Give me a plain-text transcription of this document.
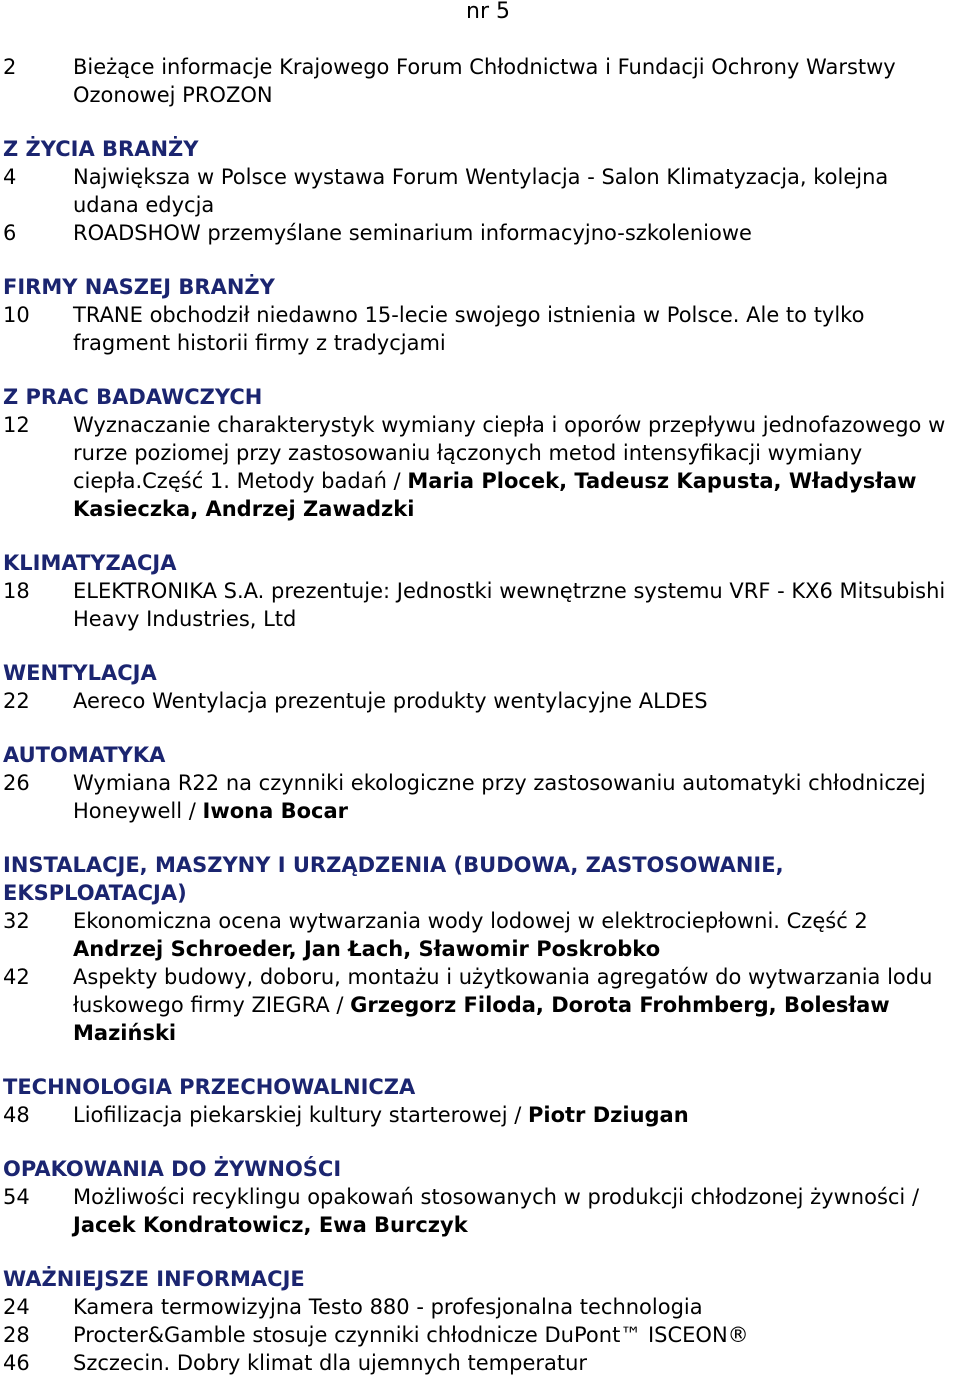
nr 5
2	Bieżące informacje Krajowego Forum Chłodnictwa i Fundacji Ochrony Warstwy Ozonowej PROZON
Z ŻYCIA BRANŻY
4	Największa w Polsce wystawa Forum Wentylacja - Salon Klimatyzacja, kolejna udana edycja
6	ROADSHOW przemyślane seminarium informacyjno-szkoleniowe
FIRMY NASZEJ BRANŻY
10	TRANE obchodził niedawno 15-lecie swojego istnienia w Polsce. Ale to tylko fragment historii firmy z tradycjami
Z PRAC BADAWCZYCH
12	Wyznaczanie charakterystyk wymiany ciepła i oporów przepływu jednofazowego w rurze poziomej przy zastosowaniu łączonych metod intensyfikacji wymiany ciepła.Część 1. Metody badań / Maria Plocek, Tadeusz Kapusta, Władysław Kasieczka, Andrzej Zawadzki
KLIMATYZACJA
18	ELEKTRONIKA S.A. prezentuje: Jednostki wewnętrzne systemu VRF - KX6 Mitsubishi Heavy Industries, Ltd
WENTYLACJA
22	Aereco Wentylacja prezentuje produkty wentylacyjne ALDES
AUTOMATYKA
26	Wymiana R22 na czynniki ekologiczne przy zastosowaniu automatyki chłodniczej Honeywell / Iwona Bocar
INSTALACJE, MASZYNY I URZĄDZENIA (BUDOWA, ZASTOSOWANIE, EKSPLOATACJA)
32	Ekonomiczna ocena wytwarzania wody lodowej w elektrociepłowni. Część 2 Andrzej Schroeder, Jan Łach, Sławomir Poskrobko
42	Aspekty budowy, doboru, montażu i użytkowania agregatów do wytwarzania lodu łuskowego firmy ZIEGRA / Grzegorz Filoda, Dorota Frohmberg, Bolesław Maziński
TECHNOLOGIA PRZECHOWALNICZA
48	Liofilizacja piekarskiej kultury starterowej / Piotr Dziugan
OPAKOWANIA DO ŻYWNOŚCI
54	Możliwości recyklingu opakowań stosowanych w produkcji chłodzonej żywności / Jacek Kondratowicz, Ewa Burczyk
WAŻNIEJSZE INFORMACJE
24	Kamera termowizyjna Testo 880 - profesjonalna technologia
28	Procter&Gamble stosuje czynniki chłodnicze DuPont™ ISCEON®
46	Szczecin. Dobry klimat dla ujemnych temperatur
